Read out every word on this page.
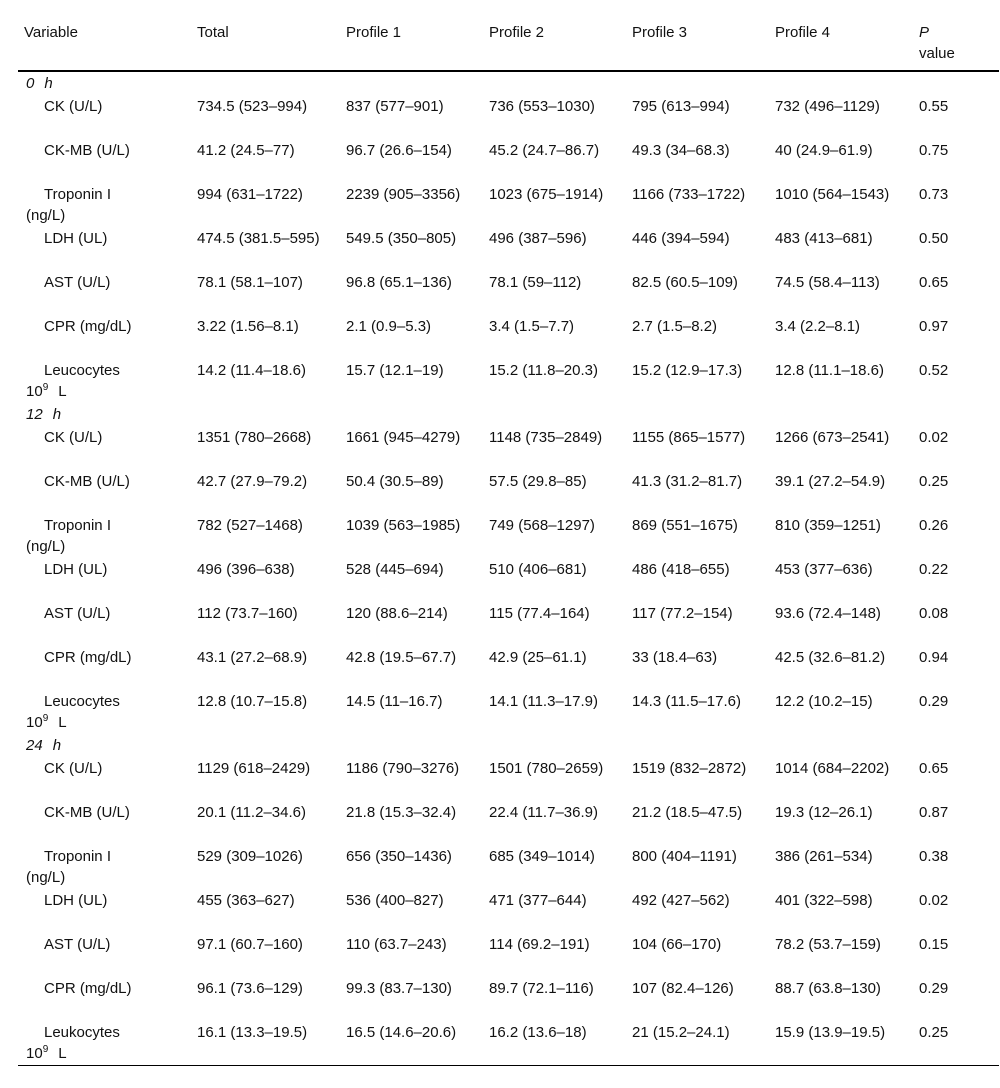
Variable	Total	Profile 1	Profile 2	Profile 3	Profile 4	P
value
0 h						

CK (U/L)	734.5 (523–994)	837 (577–901)	736 (553–1030)	795 (613–994)	732 (496–1129)	0.55

CK-MB (U/L)	41.2 (24.5–77)	96.7 (26.6–154)	45.2 (24.7–86.7)	49.3 (34–68.3)	40 (24.9–61.9)	0.75

Troponin I
(ng/L)	994 (631–1722)	2239 (905–3356)	1023 (675–1914)	1166 (733–1722)	1010 (564–1543)	0.73

LDH (UL)	474.5 (381.5–595)	549.5 (350–805)	496 (387–596)	446 (394–594)	483 (413–681)	0.50

AST (U/L)	78.1 (58.1–107)	96.8 (65.1–136)	78.1 (59–112)	82.5 (60.5–109)	74.5 (58.4–113)	0.65

CPR (mg/dL)	3.22 (1.56–8.1)	2.1 (0.9–5.3)	3.4 (1.5–7.7)	2.7 (1.5–8.2)	3.4 (2.2–8.1)	0.97

Leucocytes
$10^9$ L	14.2 (11.4–18.6)	15.7 (12.1–19)	15.2 (11.8–20.3)	15.2 (12.9–17.3)	12.8 (11.1–18.6)	0.52
12 h						

CK (U/L)	1351 (780–2668)	1661 (945–4279)	1148 (735–2849)	1155 (865–1577)	1266 (673–2541)	0.02

CK-MB (U/L)	42.7 (27.9–79.2)	50.4 (30.5–89)	57.5 (29.8–85)	41.3 (31.2–81.7)	39.1 (27.2–54.9)	0.25

Troponin I
(ng/L)	782 (527–1468)	1039 (563–1985)	749 (568–1297)	869 (551–1675)	810 (359–1251)	0.26

LDH (UL)	496 (396–638)	528 (445–694)	510 (406–681)	486 (418–655)	453 (377–636)	0.22

AST (U/L)	112 (73.7–160)	120 (88.6–214)	115 (77.4–164)	117 (77.2–154)	93.6 (72.4–148)	0.08

CPR (mg/dL)	43.1 (27.2–68.9)	42.8 (19.5–67.7)	42.9 (25–61.1)	33 (18.4–63)	42.5 (32.6–81.2)	0.94

Leucocytes
$10^9$ L	12.8 (10.7–15.8)	14.5 (11–16.7)	14.1 (11.3–17.9)	14.3 (11.5–17.6)	12.2 (10.2–15)	0.29
24 h						

CK (U/L)	1129 (618–2429)	1186 (790–3276)	1501 (780–2659)	1519 (832–2872)	1014 (684–2202)	0.65

CK-MB (U/L)	20.1 (11.2–34.6)	21.8 (15.3–32.4)	22.4 (11.7–36.9)	21.2 (18.5–47.5)	19.3 (12–26.1)	0.87

Troponin I
(ng/L)	529 (309–1026)	656 (350–1436)	685 (349–1014)	800 (404–1191)	386 (261–534)	0.38

LDH (UL)	455 (363–627)	536 (400–827)	471 (377–644)	492 (427–562)	401 (322–598)	0.02

AST (U/L)	97.1 (60.7–160)	110 (63.7–243)	114 (69.2–191)	104 (66–170)	78.2 (53.7–159)	0.15

CPR (mg/dL)	96.1 (73.6–129)	99.3 (83.7–130)	89.7 (72.1–116)	107 (82.4–126)	88.7 (63.8–130)	0.29

Leukocytes
$10^9$ L	16.1 (13.3–19.5)	16.5 (14.6–20.6)	16.2 (13.6–18)	21 (15.2–24.1)	15.9 (13.9–19.5)	0.25
